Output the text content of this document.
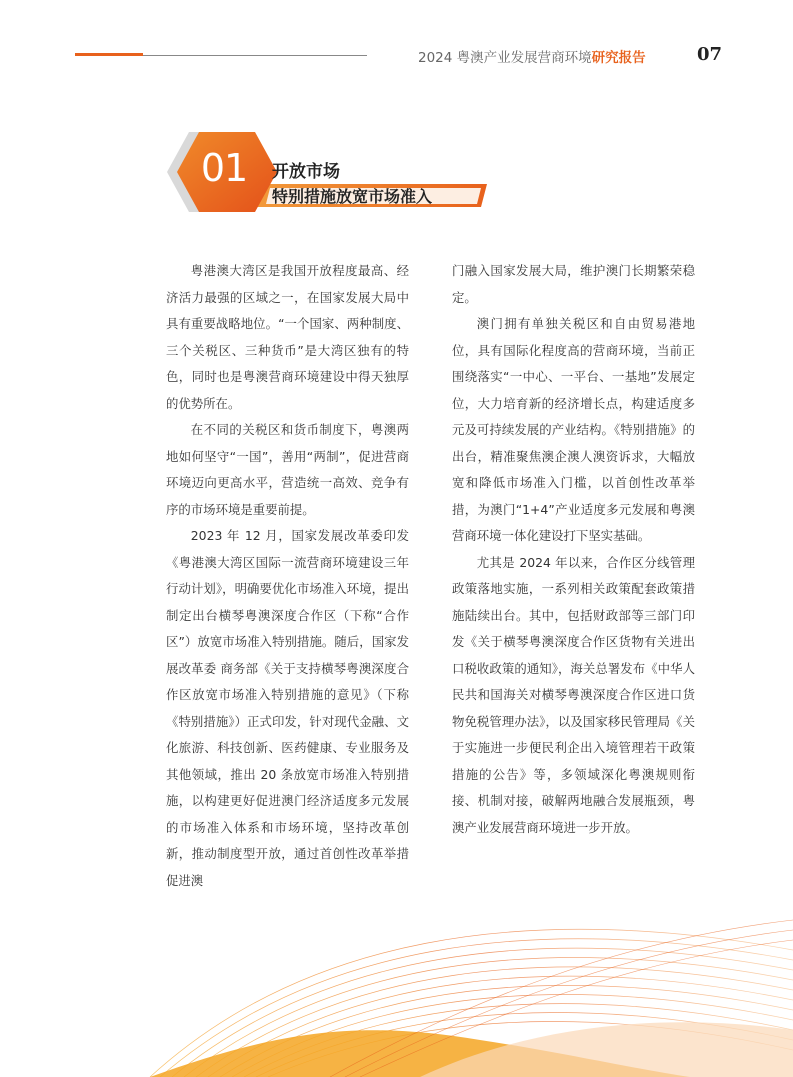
2024 粤澳产业发展营商环境研究报告	07
01 开放市场
特别措施放宽市场准入

粤港澳大湾区是我国开放程度最高、经济活力最强的区域之一，在国家发展大局中具有重要战略地位。“一个国家、两种制度、三个关税区、三种货币”是大湾区独有的特色，同时也是粤澳营商环境建设中得天独厚的优势所在。

在不同的关税区和货币制度下，粤澳两地如何坚守“一国”，善用“两制”，促进营商环境迈向更高水平，营造统一高效、竞争有序的市场环境是重要前提。

2023 年 12 月，国家发展改革委印发《粤港澳大湾区国际一流营商环境建设三年行动计划》，明确要优化市场准入环境，提出制定出台横琴粤澳深度合作区（下称“合作区”）放宽市场准入特别措施。随后，国家发展改革委 商务部《关于支持横琴粤澳深度合作区放宽市场准入特别措施的意见》（下称《特别措施》）正式印发，针对现代金融、文化旅游、科技创新、医药健康、专业服务及其他领域，推出 20 条放宽市场准入特别措施，以构建更好促进澳门经济适度多元发展的市场准入体系和市场环境，坚持改革创新，推动制度型开放，通过首创性改革举措促进澳

门融入国家发展大局，维护澳门长期繁荣稳定。

澳门拥有单独关税区和自由贸易港地位，具有国际化程度高的营商环境，当前正围绕落实“一中心、一平台、一基地”发展定位，大力培育新的经济增长点，构建适度多元及可持续发展的产业结构。《特别措施》的出台，精准聚焦澳企澳人澳资诉求，大幅放宽和降低市场准入门槛，以首创性改革举措，为澳门“1+4”产业适度多元发展和粤澳营商环境一体化建设打下坚实基础。

尤其是 2024 年以来，合作区分线管理政策落地实施，一系列相关政策配套政策措施陆续出台。其中，包括财政部等三部门印发《关于横琴粤澳深度合作区货物有关进出口税收政策的通知》，海关总署发布《中华人民共和国海关对横琴粤澳深度合作区进口货物免税管理办法》，以及国家移民管理局《关于实施进一步便民利企出入境管理若干政策措施的公告》等，多领域深化粤澳规则衔接、机制对接，破解两地融合发展瓶颈，粤澳产业发展营商环境进一步开放。
